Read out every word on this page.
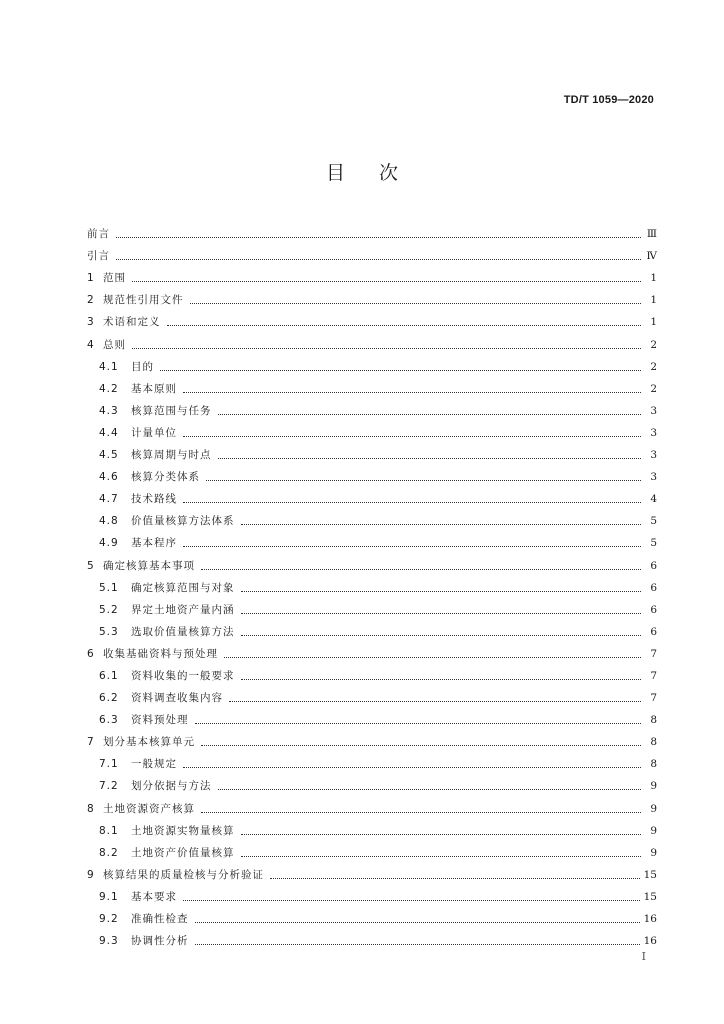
TD/T 1059—2020
目次
前言	Ⅲ
引言	Ⅳ
1 范围	1
2 规范性引用文件	1
3 术语和定义	1
4 总则	2
4.1	目的	2
4.2	基本原则	2
4.3	核算范围与任务	3
4.4	计量单位	3
4.5	核算周期与时点	3
4.6	核算分类体系	3
4.7	技术路线	4
4.8	价值量核算方法体系	5
4.9	基本程序	5
5 确定核算基本事项	6
5.1	确定核算范围与对象	6
5.2	界定土地资产量内涵	6
5.3	选取价值量核算方法	6
6 收集基础资料与预处理	7
6.1	资料收集的一般要求	7
6.2	资料调查收集内容	7
6.3	资料预处理	8
7 划分基本核算单元	8
7.1	一般规定	8
7.2	划分依据与方法	9
8 土地资源资产核算	9
8.1	土地资源实物量核算	9
8.2	土地资产价值量核算	9
9 核算结果的质量检核与分析验证	15
9.1	基本要求	15
9.2	准确性检查	16
9.3	协调性分析	16
Ⅰ
